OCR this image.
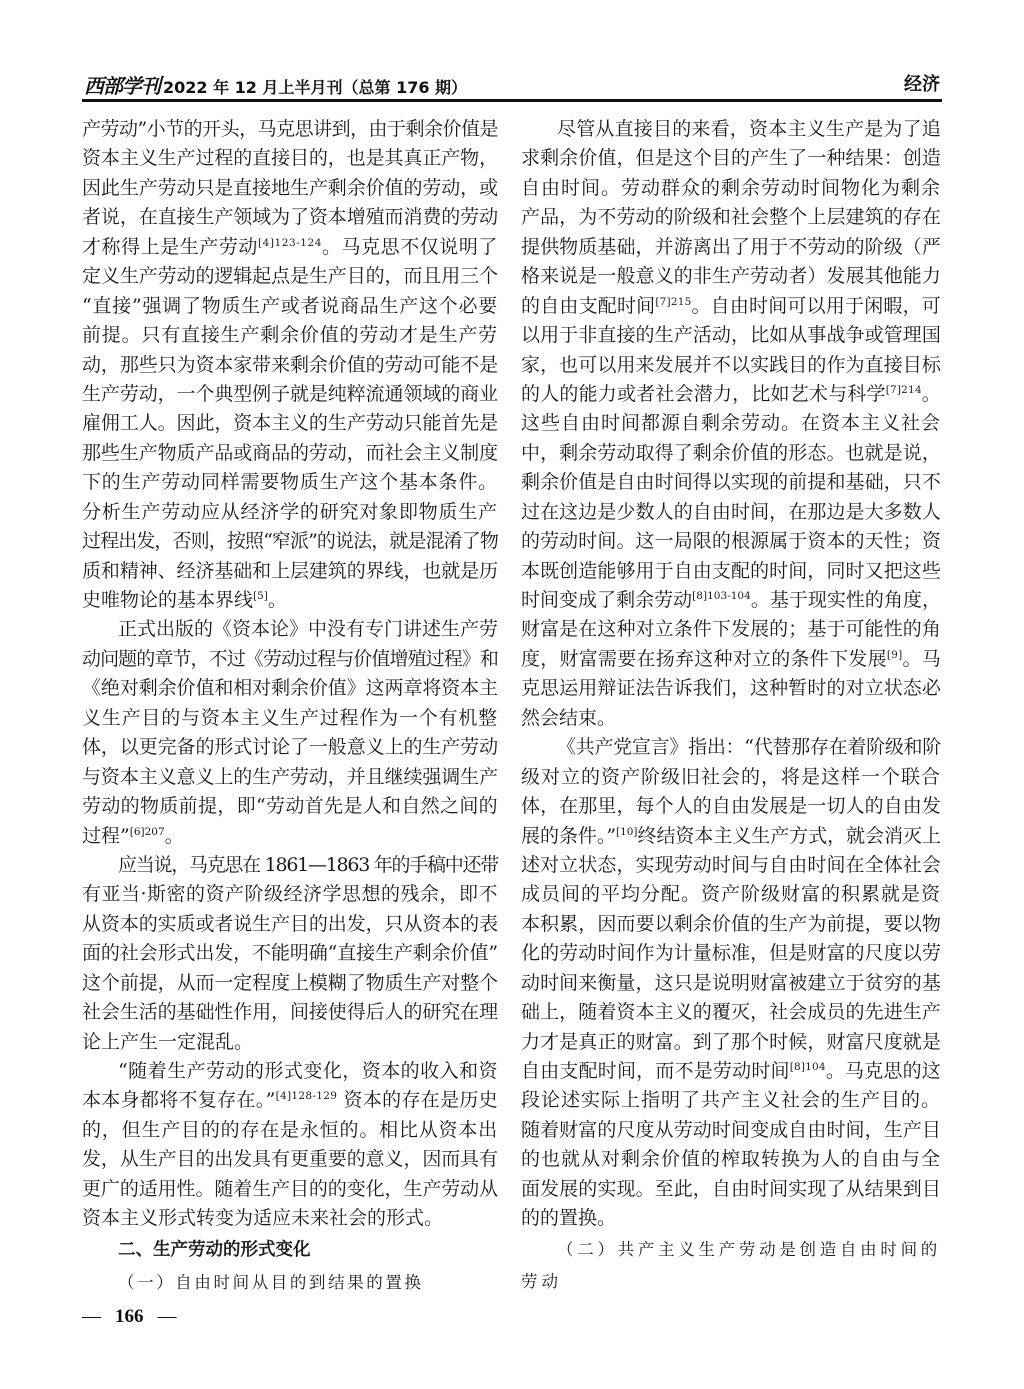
西部学刊 2022 年 12 月上半月刊（总第 176 期）	经济
产劳动”小节的开头，马克思讲到，由于剩余价值是
资本主义生产过程的直接目的，也是其真正产物，
因此生产劳动只是直接地生产剩余价值的劳动，或
者说，在直接生产领域为了资本增殖而消费的劳动
才称得上是生产劳动$^{[4]123-124}$。马克思不仅说明了
定义生产劳动的逻辑起点是生产目的，而且用三个
“直接”强调了物质生产或者说商品生产这个必要
前提。只有直接生产剩余价值的劳动才是生产劳
动，那些只为资本家带来剩余价值的劳动可能不是
生产劳动，一个典型例子就是纯粹流通领域的商业
雇佣工人。因此，资本主义的生产劳动只能首先是
那些生产物质产品或商品的劳动，而社会主义制度
下的生产劳动同样需要物质生产这个基本条件。
分析生产劳动应从经济学的研究对象即物质生产
过程出发，否则，按照“窄派”的说法，就是混淆了物
质和精神、经济基础和上层建筑的界线，也就是历
史唯物论的基本界线[5]。
正式出版的《资本论》中没有专门讲述生产劳
动问题的章节，不过《劳动过程与价值增殖过程》和
《绝对剩余价值和相对剩余价值》这两章将资本主
义生产目的与资本主义生产过程作为一个有机整
体，以更完备的形式讨论了一般意义上的生产劳动
与资本主义意义上的生产劳动，并且继续强调生产
劳动的物质前提，即“劳动首先是人和自然之间的
过程”$^{[6]207}$。
应当说，马克思在 1861—1863 年的手稿中还带
有亚当·斯密的资产阶级经济学思想的残余，即不
从资本的实质或者说生产目的出发，只从资本的表
面的社会形式出发，不能明确“直接生产剩余价值”
这个前提，从而一定程度上模糊了物质生产对整个
社会生活的基础性作用，间接使得后人的研究在理
论上产生一定混乱。
“随着生产劳动的形式变化，资本的收入和资
本本身都将不复存在。”$^{[4]128-129}$ 资本的存在是历史
的，但生产目的的存在是永恒的。相比从资本出
发，从生产目的出发具有更重要的意义，因而具有
更广的适用性。随着生产目的的变化，生产劳动从
资本主义形式转变为适应未来社会的形式。
二、生产劳动的形式变化
（一）自由时间从目的到结果的置换
尽管从直接目的来看，资本主义生产是为了追
求剩余价值，但是这个目的产生了一种结果：创造
自由时间。劳动群众的剩余劳动时间物化为剩余
产品，为不劳动的阶级和社会整个上层建筑的存在
提供物质基础，并游离出了用于不劳动的阶级（严
格来说是一般意义的非生产劳动者）发展其他能力
的自由支配时间$^{[7]215}$。自由时间可以用于闲暇，可
以用于非直接的生产活动，比如从事战争或管理国
家，也可以用来发展并不以实践目的作为直接目标
的人的能力或者社会潜力，比如艺术与科学$^{[7]214}$。
这些自由时间都源自剩余劳动。在资本主义社会
中，剩余劳动取得了剩余价值的形态。也就是说，
剩余价值是自由时间得以实现的前提和基础，只不
过在这边是少数人的自由时间，在那边是大多数人
的劳动时间。这一局限的根源属于资本的天性；资
本既创造能够用于自由支配的时间，同时又把这些
时间变成了剩余劳动$^{[8]103-104}$。基于现实性的角度，
财富是在这种对立条件下发展的；基于可能性的角
度，财富需要在扬弃这种对立的条件下发展[9]。马
克思运用辩证法告诉我们，这种暂时的对立状态必
然会结束。
《共产党宣言》指出：“代替那存在着阶级和阶
级对立的资产阶级旧社会的，将是这样一个联合
体，在那里，每个人的自由发展是一切人的自由发
展的条件。”[10]终结资本主义生产方式，就会消灭上
述对立状态，实现劳动时间与自由时间在全体社会
成员间的平均分配。资产阶级财富的积累就是资
本积累，因而要以剩余价值的生产为前提，要以物
化的劳动时间作为计量标准，但是财富的尺度以劳
动时间来衡量，这只是说明财富被建立于贫穷的基
础上，随着资本主义的覆灭，社会成员的先进生产
力才是真正的财富。到了那个时候，财富尺度就是
自由支配时间，而不是劳动时间$^{[8]104}$。马克思的这
段论述实际上指明了共产主义社会的生产目的。
随着财富的尺度从劳动时间变成自由时间，生产目
的也就从对剩余价值的榨取转换为人的自由与全
面发展的实现。至此，自由时间实现了从结果到目
的的置换。
（二）共产主义生产劳动是创造自由时间的
劳动
— 166 —
